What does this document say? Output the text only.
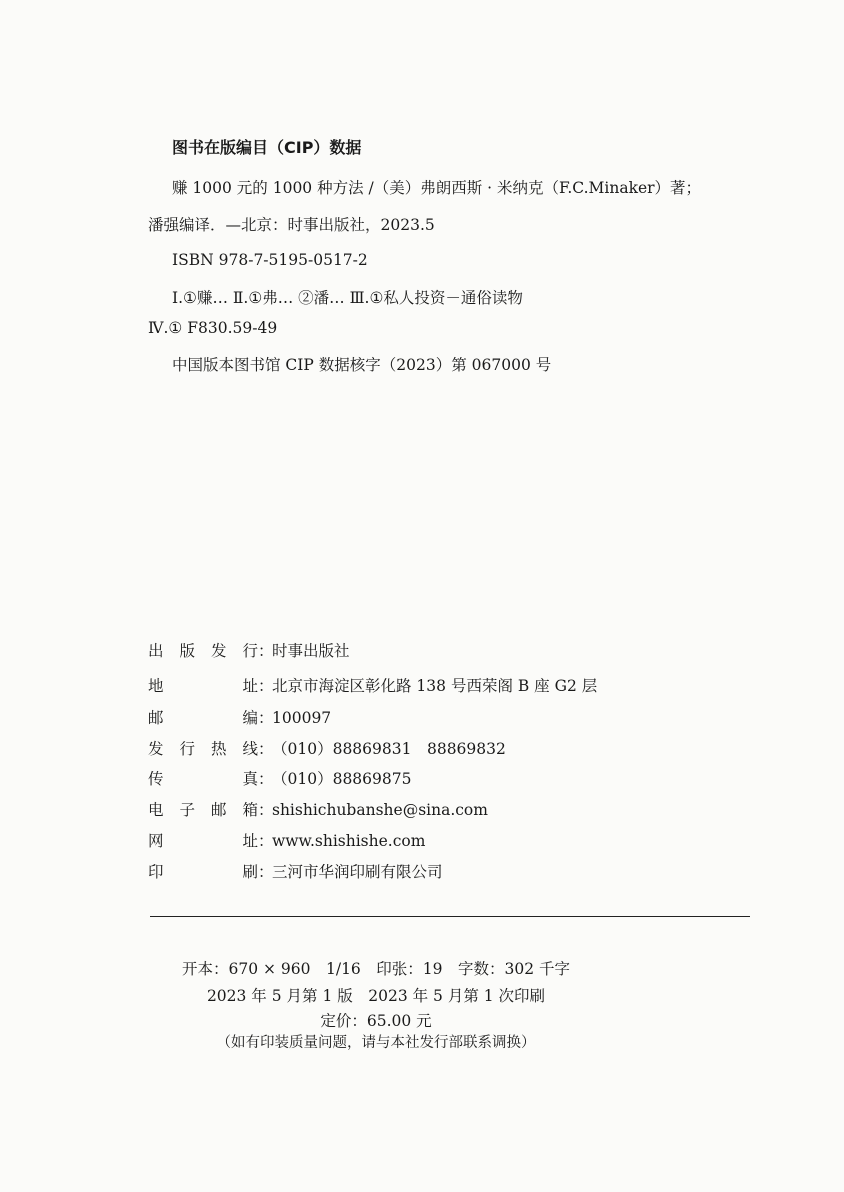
图书在版编目（CIP）数据
赚 1000 元的 1000 种方法 /（美）弗朗西斯 · 米纳克（F.C.Minaker）著；
潘强编译．—北京：时事出版社，2023.5
ISBN 978-7-5195-0517-2
Ⅰ.①赚… Ⅱ.①弗… ②潘… Ⅲ.①私人投资－通俗读物
Ⅳ.① F830.59-49
中国版本图书馆 CIP 数据核字（2023）第 067000 号
出版发行 ：
时事出版社
地址 ：
北京市海淀区彰化路 138 号西荣阁 B 座 G2 层
邮编 ：
100097
发行热线 ：
（010）88869831　88869832
传真 ：
（010）88869875
电子邮箱 ：
shishichubanshe@sina.com
网址 ：
www.shishishe.com
印刷 ：
三河市华润印刷有限公司
开本：670 × 960　1/16　印张：19　字数：302 千字
2023 年 5 月第 1 版　2023 年 5 月第 1 次印刷
定价：65.00 元
（如有印装质量问题，请与本社发行部联系调换）
